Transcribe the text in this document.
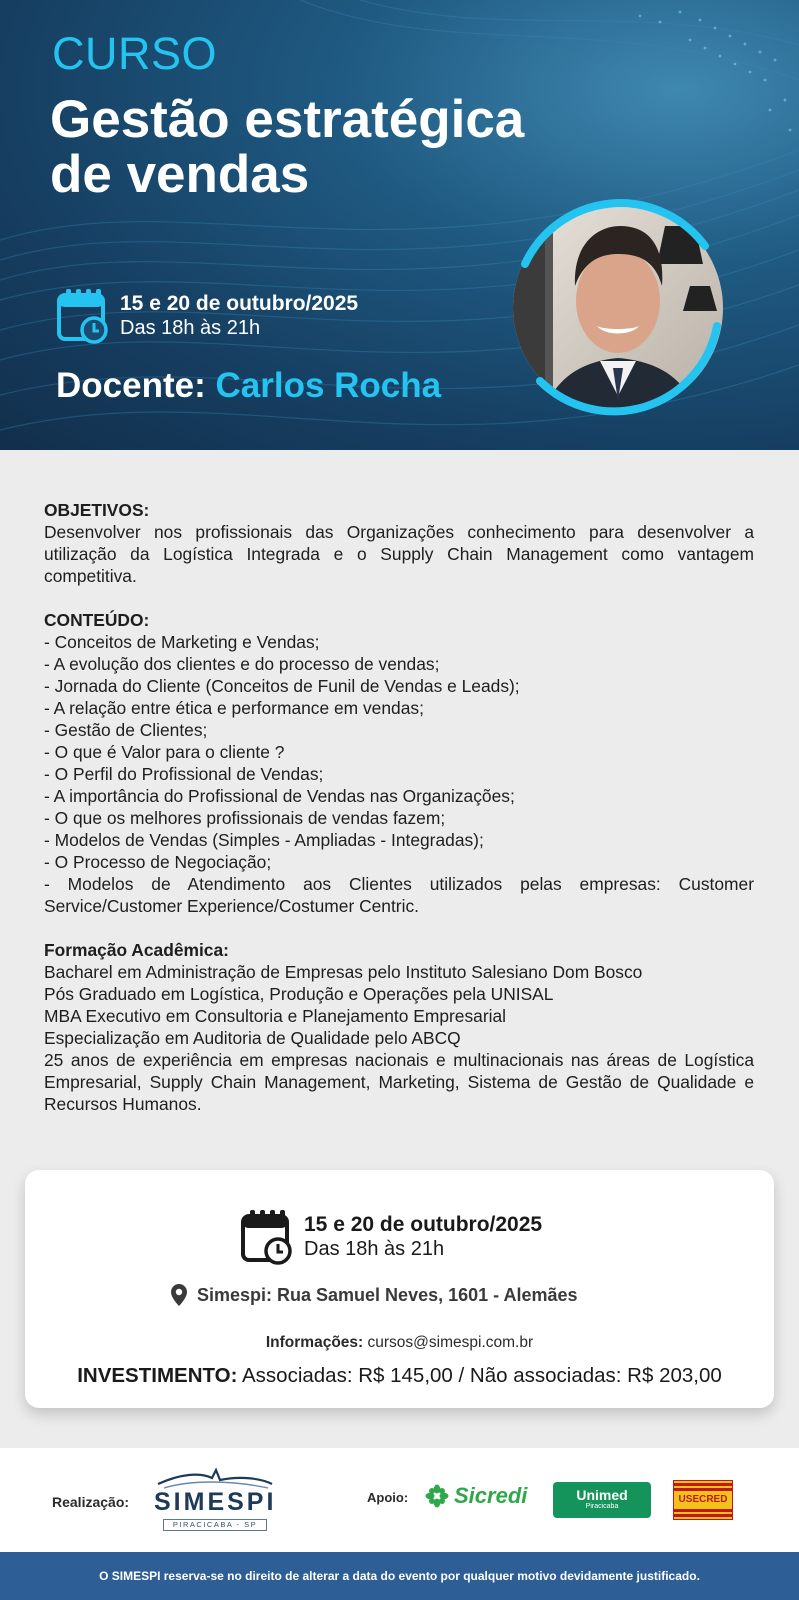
CURSO
Gestão estratégica
de vendas
15 e 20 de outubro/2025
Das 18h às 21h
Docente: Carlos Rocha
OBJETIVOS:
Desenvolver nos profissionais das Organizações conhecimento para desenvolver a utilização da Logística Integrada e o Supply Chain Management como vantagem competitiva.
CONTEÚDO:
- Conceitos de Marketing e Vendas;
- A evolução dos clientes e do processo de vendas;
- Jornada do Cliente (Conceitos de Funil de Vendas e Leads);
- A relação entre ética e performance em vendas;
- Gestão de Clientes;
- O que é Valor para o cliente ?
- O Perfil do Profissional de Vendas;
- A importância do Profissional de Vendas nas Organizações;
- O que os melhores profissionais de vendas fazem;
- Modelos de Vendas (Simples - Ampliadas - Integradas);
- O Processo de Negociação;
- Modelos de Atendimento aos Clientes utilizados pelas empresas: Customer Service/Customer Experience/Costumer Centric.
Formação Acadêmica:
Bacharel em Administração de Empresas pelo Instituto Salesiano Dom Bosco
Pós Graduado em Logística, Produção e Operações pela UNISAL
MBA Executivo em Consultoria e Planejamento Empresarial
Especialização em Auditoria de Qualidade pelo ABCQ
25 anos de experiência em empresas nacionais e multinacionais nas áreas de Logística Empresarial, Supply Chain Management, Marketing, Sistema de Gestão de Qualidade e Recursos Humanos.
15 e 20 de outubro/2025
Das 18h às 21h
Simespi: Rua Samuel Neves, 1601 - Alemães
Informações: cursos@simespi.com.br
INVESTIMENTO: Associadas: R$ 145,00 / Não associadas: R$ 203,00
Realização: SIMESPI
PIRACICABA - SP
Apoio: Sicredi	Unimed
Piracicaba
USECRED
O SIMESPI reserva-se no direito de alterar a data do evento por qualquer motivo devidamente justificado.
